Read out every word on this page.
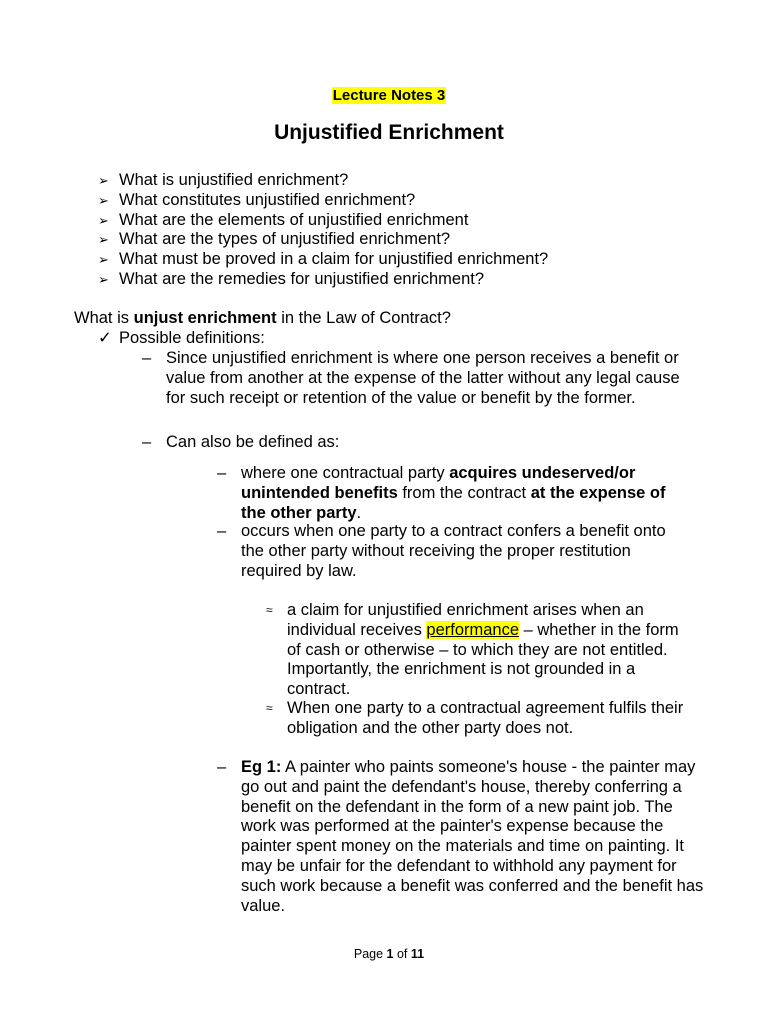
Lecture Notes 3
Unjustified Enrichment
➢ What is unjustified enrichment?
➢ What constitutes unjustified enrichment?
➢ What are the elements of unjustified enrichment
➢ What are the types of unjustified enrichment?
➢ What must be proved in a claim for unjustified enrichment?
➢ What are the remedies for unjustified enrichment?
What is unjust enrichment in the Law of Contract?
✓ Possible definitions:
– Since unjustified enrichment is where one person receives a benefit or value from another at the expense of the latter without any legal cause for such receipt or retention of the value or benefit by the former.
– Can also be defined as:
– where one contractual party acquires undeserved/or unintended benefits from the contract at the expense of the other party.
– occurs when one party to a contract confers a benefit onto the other party without receiving the proper restitution required by law.
≈ a claim for unjustified enrichment arises when an individual receives performance – whether in the form of cash or otherwise – to which they are not entitled. Importantly, the enrichment is not grounded in a contract.
≈ When one party to a contractual agreement fulfils their obligation and the other party does not.
– Eg 1: A painter who paints someone's house - the painter may go out and paint the defendant's house, thereby conferring a benefit on the defendant in the form of a new paint job. The work was performed at the painter's expense because the painter spent money on the materials and time on painting. It may be unfair for the defendant to withhold any payment for such work because a benefit was conferred and the benefit has value.
Page 1 of 11
